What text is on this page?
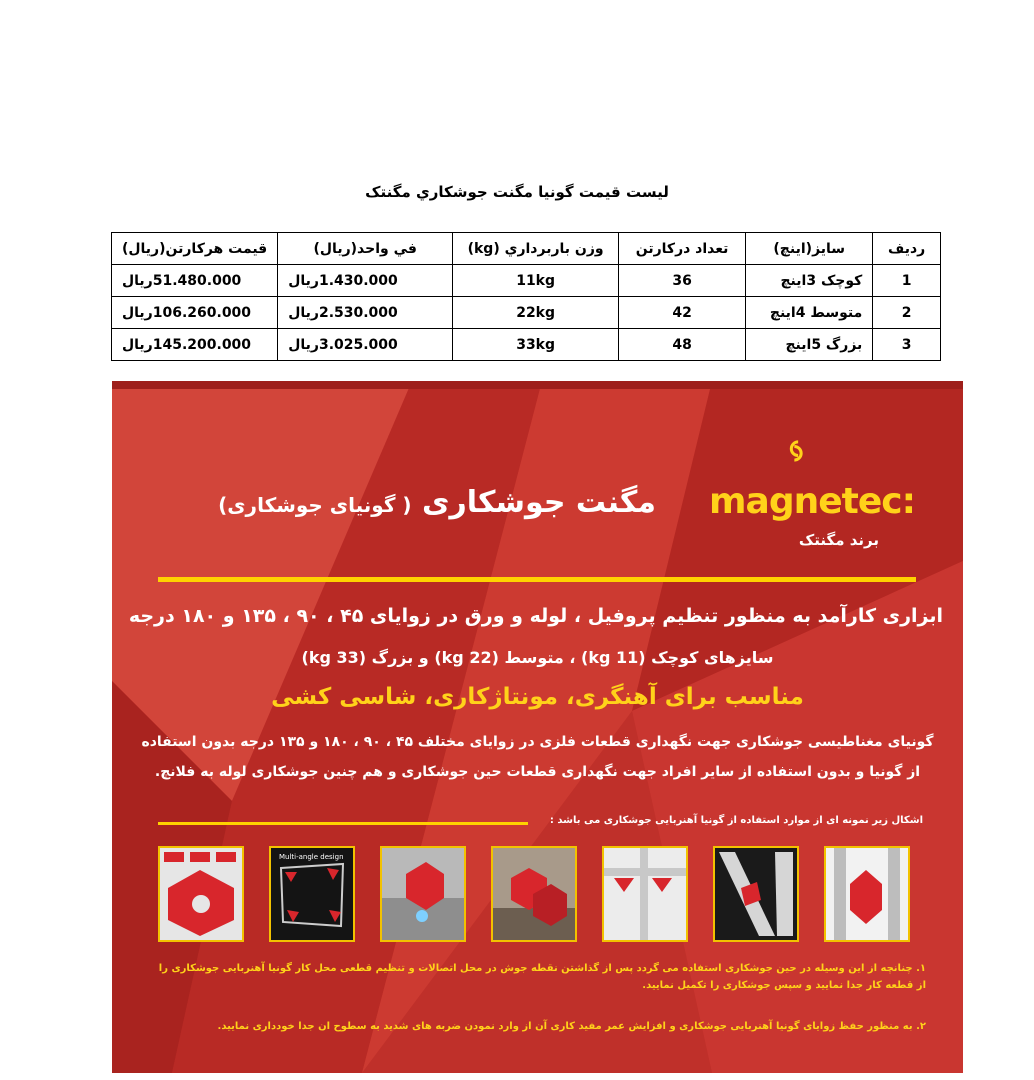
ليست قيمت گونيا مگنت جوشكاري مگنتک
رديف	سايز(اينچ)	تعداد دركارتن	وزن باربرداري (kg)	في واحد(ريال)	قيمت هركارتن(ريال)
1	كوچک 3اينچ	36	11kg	1.430.000ريال	51.480.000ريال
2	متوسط 4اينچ	42	22kg	2.530.000ريال	106.260.000ريال
3	بزرگ 5اينچ	48	33kg	3.025.000ريال	145.200.000ريال
magnetec:
برند مگنتک
مگنت جوشکاری ( گونیای جوشکاری)
ابزاری کارآمد به منظور تنظیم پروفیل ، لوله و ورق در زوایای ۴۵ ، ۹۰ ، ۱۳۵ و ۱۸۰ درجه
سایزهای کوچک (11 kg) ، متوسط (22 kg) و بزرگ (33 kg)
مناسب برای آهنگری، مونتاژکاری، شاسی کشی
گونیای مغناطیسی جوشکاری جهت نگهداری قطعات فلزی در زوایای مختلف ۴۵ ، ۹۰ ، ۱۸۰ و ۱۳۵ درجه بدون استفاده
از گونیا و بدون استفاده از سایر افراد جهت نگهداری قطعات حین جوشکاری و هم چنین جوشکاری لوله به فلانچ.
اشکال زیر نمونه ای از موارد استفاده از گونیا آهنربایی جوشکاری می باشد :
Multi-angle design
۱. چنانچه از این وسیله در حین جوشکاری استفاده می گردد پس از گذاشتن نقطه جوش در محل اتصالات و تنظیم قطعی محل کار گونیا آهنربایی جوشکاری را از قطعه کار جدا نمایید و سپس جوشکاری را تکمیل نمایید.
۲. به منظور حفظ زوایای گونیا آهنربایی جوشکاری و افزایش عمر مفید کاری آن از وارد نمودن ضربه های شدید به سطوح ان جدا خودداری نمایید.
